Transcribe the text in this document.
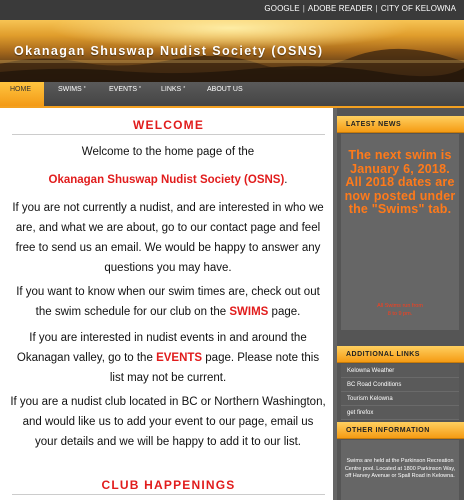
GOOGLE | ADOBE READER | CITY OF KELOWNA
Okanagan Shuswap Nudist Society (OSNS)
HOME	SWIMS *	EVENTS *	LINKS *	ABOUT US
WELCOME
Welcome to the home page of the
Okanagan Shuswap Nudist Society (OSNS).
If you are not currently a nudist, and are interested in who we are, and what we are about, go to our contact page and feel free to send us an email. We would be happy to answer any questions you may have.
If you want to know when our swim times are, check out out the swim schedule for our club on the SWIMS page.
If you are interested in nudist events in and around the Okanagan valley, go to the EVENTS page. Please note this list may not be current.
If you are a nudist club located in BC or Northern Washington, and would like us to add your event to our page, email us your details and we will be happy to add it to our list.
CLUB HAPPENINGS
LATEST NEWS
The next swim is January 6, 2018. All 2018 dates are now posted under the "Swims" tab.
All Swims run from
8 to 9 pm.
ADDITIONAL LINKS
Kelowna Weather
BC Road Conditions
Tourism Kelowna
get firefox
OTHER INFORMATION
Swims are held at the Parkinson Recreation Centre pool. Located at 1800 Parkinson Way, off Harvey Avenue or Spall Road in Kelowna.
